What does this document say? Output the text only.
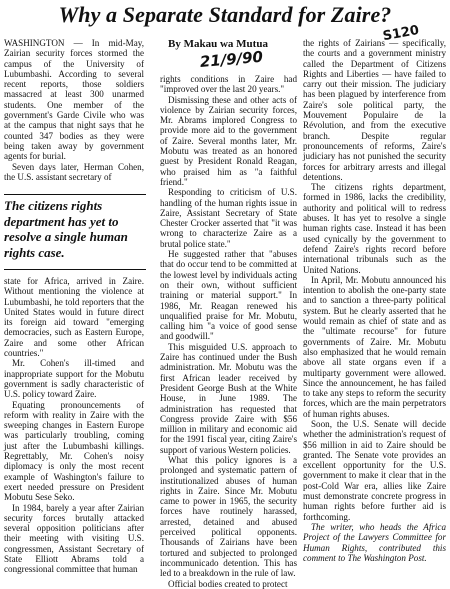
Why a Separate Standard for Zaire?
S120
By Makau wa Mutua
21/9/90

WASHINGTON — In mid-May, Zairian security forces stormed the campus of the University of Lubumbashi. According to several recent reports, those soldiers massacred at least 300 unarmed students. One member of the government's Garde Civile who was at the campus that night says that he counted 347 bodies as they were being taken away by government agents for burial.

Seven days later, Herman Cohen, the U.S. assistant secretary of

The citizens rights department has yet to resolve a single human rights case.

state for Africa, arrived in Zaire. Without mentioning the violence at Lubumbashi, he told reporters that the United States would in future direct its foreign aid toward "emerging democracies, such as Eastern Europe, Zaire and some other African countries."

Mr. Cohen's ill-timed and inappropriate support for the Mobutu government is sadly characteristic of U.S. policy toward Zaire.

Equating pronouncements of reform with reality in Zaire with the sweeping changes in Eastern Europe was particularly troubling, coming just after the Lubumbashi killings. Regrettably, Mr. Cohen's noisy diplomacy is only the most recent example of Washington's failure to exert needed pressure on President Mobutu Sese Seko.

In 1984, barely a year after Zairian security forces brutally attacked several opposition politicians after their meeting with visiting U.S. congressmen, Assistant Secretary of State Elliott Abrams told a congressional committee that human

rights conditions in Zaire had "improved over the last 20 years."

Dismissing these and other acts of violence by Zairian security forces, Mr. Abrams implored Congress to provide more aid to the government of Zaire. Several months later, Mr. Mobutu was treated as an honored guest by President Ronald Reagan, who praised him as "a faithful friend."

Responding to criticism of U.S. handling of the human rights issue in Zaire, Assistant Secretary of State Chester Crocker asserted that "it was wrong to characterize Zaire as a brutal police state."

He suggested rather that "abuses that do occur tend to be committed at the lowest level by individuals acting on their own, without sufficient training or material support." In 1986, Mr. Reagan renewed his unqualified praise for Mr. Mobutu, calling him "a voice of good sense and goodwill."

This misguided U.S. approach to Zaire has continued under the Bush administration. Mr. Mobutu was the first African leader received by President George Bush at the White House, in June 1989. The administration has requested that Congress provide Zaire with $56 million in military and economic aid for the 1991 fiscal year, citing Zaire's support of various Western policies.

What this policy ignores is a prolonged and systematic pattern of institutionalized abuses of human rights in Zaire. Since Mr. Mobutu came to power in 1965, the security forces have routinely harassed, arrested, detained and abused perceived political opponents. Thousands of Zairians have been tortured and subjected to prolonged incommunicado detention. This has led to a breakdown in the rule of law.

Official bodies created to protect

the rights of Zairians — specifically, the courts and a government ministry called the Department of Citizens Rights and Liberties — have failed to carry out their mission. The judiciary has been plagued by interference from Zaire's sole political party, the Mouvement Populaire de la Révolution, and from the executive branch. Despite regular pronouncements of reforms, Zaire's judiciary has not punished the security forces for arbitrary arrests and illegal detentions.

The citizens rights department, formed in 1986, lacks the credibility, authority and political will to redress abuses. It has yet to resolve a single human rights case. Instead it has been used cynically by the government to defend Zaire's rights record before international tribunals such as the United Nations.

In April, Mr. Mobutu announced his intention to abolish the one-party state and to sanction a three-party political system. But he clearly asserted that he would remain as chief of state and as the "ultimate recourse" for future governments of Zaire. Mr. Mobutu also emphasized that he would remain above all state organs even if a multiparty government were allowed. Since the announcement, he has failed to take any steps to reform the security forces, which are the main perpetrators of human rights abuses.

Soon, the U.S. Senate will decide whether the administration's request of $56 million in aid to Zaire should be granted. The Senate vote provides an excellent opportunity for the U.S. government to make it clear that in the post-Cold War era, allies like Zaire must demonstrate concrete progress in human rights before further aid is forthcoming.

The writer, who heads the Africa Project of the Lawyers Committee for Human Rights, contributed this comment to The Washington Post.
